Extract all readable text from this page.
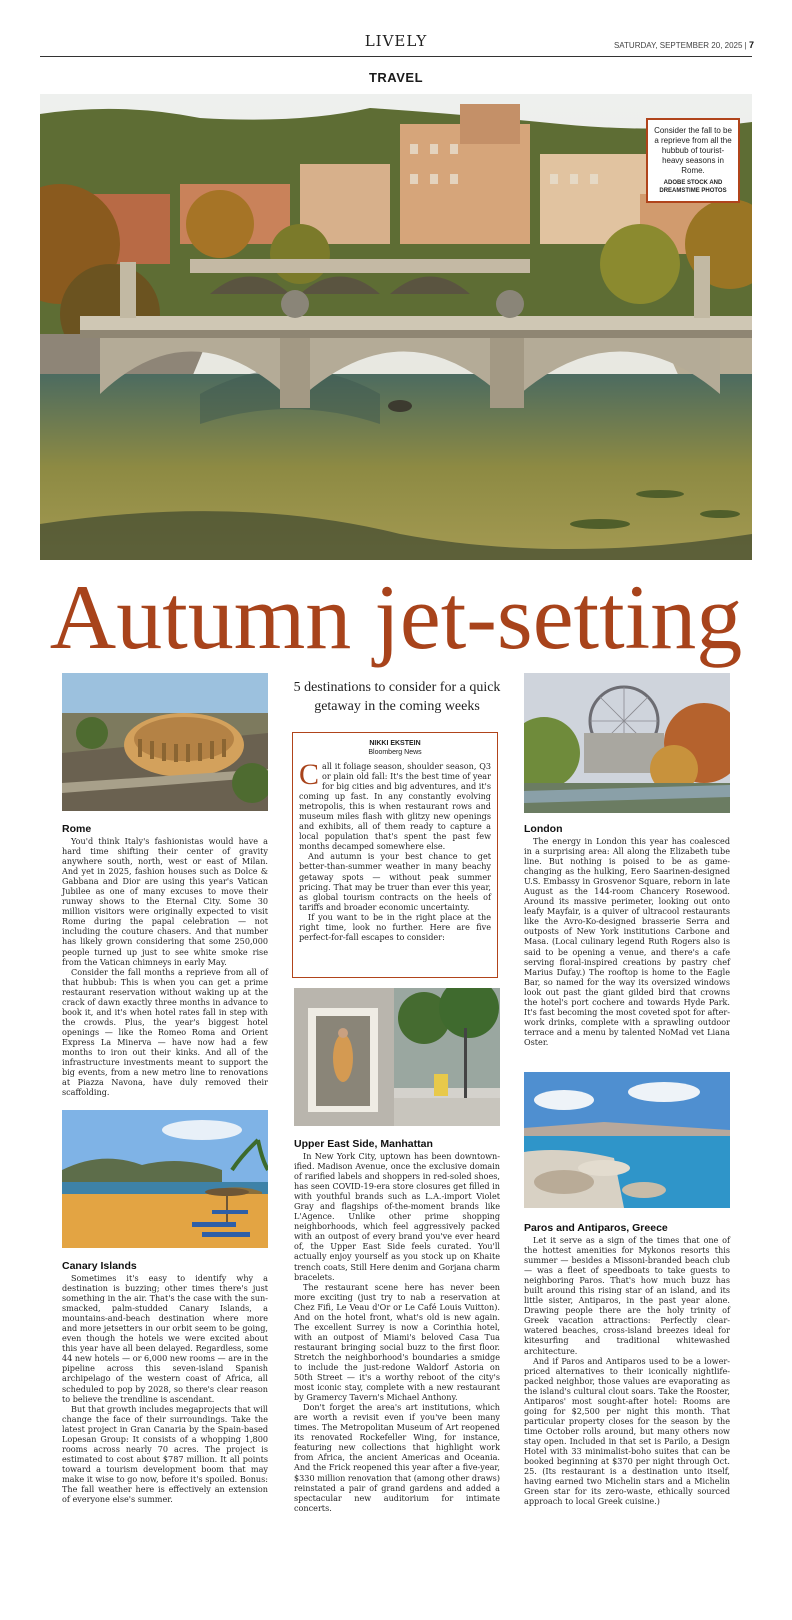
LIVELY	SATURDAY, SEPTEMBER 20, 2025 | 7
TRAVEL
Consider the fall to be a reprieve from all the hubbub of tourist-heavy seasons in Rome.
ADOBE STOCK AND DREAMSTIME PHOTOS
Autumn jet-setting
Rome

You'd think Italy's fashionistas would have a hard time shifting their center of gravity anywhere south, north, west or east of Milan. And yet in 2025, fashion houses such as Dolce & Gabbana and Dior are using this year's Vatican Jubilee as one of many excuses to move their runway shows to the Eternal City. Some 30 million visitors were originally expected to visit Rome during the papal celebration — not including the couture chasers. And that number has likely grown considering that some 250,000 people turned up just to see white smoke rise from the Vatican chimneys in early May.

Consider the fall months a reprieve from all of that hubbub: This is when you can get a prime restaurant reservation without waking up at the crack of dawn exactly three months in advance to book it, and it's when hotel rates fall in step with the crowds. Plus, the year's biggest hotel openings — like the Romeo Roma and Orient Express La Minerva — have now had a few months to iron out their kinks. And all of the infrastructure investments meant to support the big events, from a new metro line to renovations at Piazza Navona, have duly removed their scaffolding.

Canary Islands

Sometimes it's easy to identify why a destination is buzzing; other times there's just something in the air. That's the case with the sun-smacked, palm-studded Canary Islands, a mountains-and-beach destination where more and more jetsetters in our orbit seem to be going, even though the hotels we were excited about this year have all been delayed. Regardless, some 44 new hotels — or 6,000 new rooms — are in the pipeline across this seven-island Spanish archipelago of the western coast of Africa, all scheduled to pop by 2028, so there's clear reason to believe the trendline is ascendant.

But that growth includes megaprojects that will change the face of their surroundings. Take the latest project in Gran Canaria by the Spain-based Lopesan Group: It consists of a whopping 1,800 rooms across nearly 70 acres. The project is estimated to cost about $787 million. It all points toward a tourism development boom that may make it wise to go now, before it's spoiled. Bonus: The fall weather here is effectively an extension of everyone else's summer.

5 destinations to consider for a quick getaway in the coming weeks
NIKKI EKSTEIN
Bloomberg News

Call it foliage season, shoulder season, Q3 or plain old fall: It's the best time of year for big cities and big adventures, and it's coming up fast. In any constantly evolving metropolis, this is when restaurant rows and museum miles flash with glitzy new openings and exhibits, all of them ready to capture a local population that's spent the past few months decamped somewhere else.

And autumn is your best chance to get better-than-summer weather in many beachy getaway spots — without peak summer pricing. That may be truer than ever this year, as global tourism contracts on the heels of tariffs and broader economic uncertainty.

If you want to be in the right place at the right time, look no further. Here are five perfect-for-fall escapes to consider:

Upper East Side, Manhattan

In New York City, uptown has been downtown-ified. Madison Avenue, once the exclusive domain of rarified labels and shoppers in red-soled shoes, has seen COVID-19-era store closures get filled in with youthful brands such as L.A.-import Violet Gray and flagships of-the-moment brands like L'Agence. Unlike other prime shopping neighborhoods, which feel aggressively packed with an outpost of every brand you've ever heard of, the Upper East Side feels curated. You'll actually enjoy yourself as you stock up on Khaite trench coats, Still Here denim and Gorjana charm bracelets.

The restaurant scene here has never been more exciting (just try to nab a reservation at Chez Fifi, Le Veau d'Or or Le Café Louis Vuitton). And on the hotel front, what's old is new again. The excellent Surrey is now a Corinthia hotel, with an outpost of Miami's beloved Casa Tua restaurant bringing social buzz to the first floor. Stretch the neighborhood's boundaries a smidge to include the just-redone Waldorf Astoria on 50th Street — it's a worthy reboot of the city's most iconic stay, complete with a new restaurant by Gramercy Tavern's Michael Anthony.

Don't forget the area's art institutions, which are worth a revisit even if you've been many times. The Metropolitan Museum of Art reopened its renovated Rockefeller Wing, for instance, featuring new collections that highlight work from Africa, the ancient Americas and Oceania. And the Frick reopened this year after a five-year, $330 million renovation that (among other draws) reinstated a pair of grand gardens and added a spectacular new auditorium for intimate concerts.

London

The energy in London this year has coalesced in a surprising area: All along the Elizabeth tube line. But nothing is poised to be as game-changing as the hulking, Eero Saarinen-designed U.S. Embassy in Grosvenor Square, reborn in late August as the 144-room Chancery Rosewood. Around its massive perimeter, looking out onto leafy Mayfair, is a quiver of ultracool restaurants like the Avro-Ko-designed brasserie Serra and outposts of New York institutions Carbone and Masa. (Local culinary legend Ruth Rogers also is said to be opening a venue, and there's a cafe serving floral-inspired creations by pastry chef Marius Dufay.) The rooftop is home to the Eagle Bar, so named for the way its oversized windows look out past the giant gilded bird that crowns the hotel's port cochere and towards Hyde Park. It's fast becoming the most coveted spot for after-work drinks, complete with a sprawling outdoor terrace and a menu by talented NoMad vet Liana Oster.

Paros and Antiparos, Greece

Let it serve as a sign of the times that one of the hottest amenities for Mykonos resorts this summer — besides a Missoni-branded beach club — was a fleet of speedboats to take guests to neighboring Paros. That's how much buzz has built around this rising star of an island, and its little sister, Antiparos, in the past year alone. Drawing people there are the holy trinity of Greek vacation attractions: Perfectly clear-watered beaches, cross-island breezes ideal for kitesurfing and traditional whitewashed architecture.

And if Paros and Antiparos used to be a lower-priced alternatives to their iconically nightlife-packed neighbor, those values are evaporating as the island's cultural clout soars. Take the Rooster, Antiparos' most sought-after hotel: Rooms are going for $2,500 per night this month. That particular property closes for the season by the time October rolls around, but many others now stay open. Included in that set is Parilo, a Design Hotel with 33 minimalist-boho suites that can be booked beginning at $370 per night through Oct. 25. (Its restaurant is a destination unto itself, having earned two Michelin stars and a Michelin Green star for its zero-waste, ethically sourced approach to local Greek cuisine.)
